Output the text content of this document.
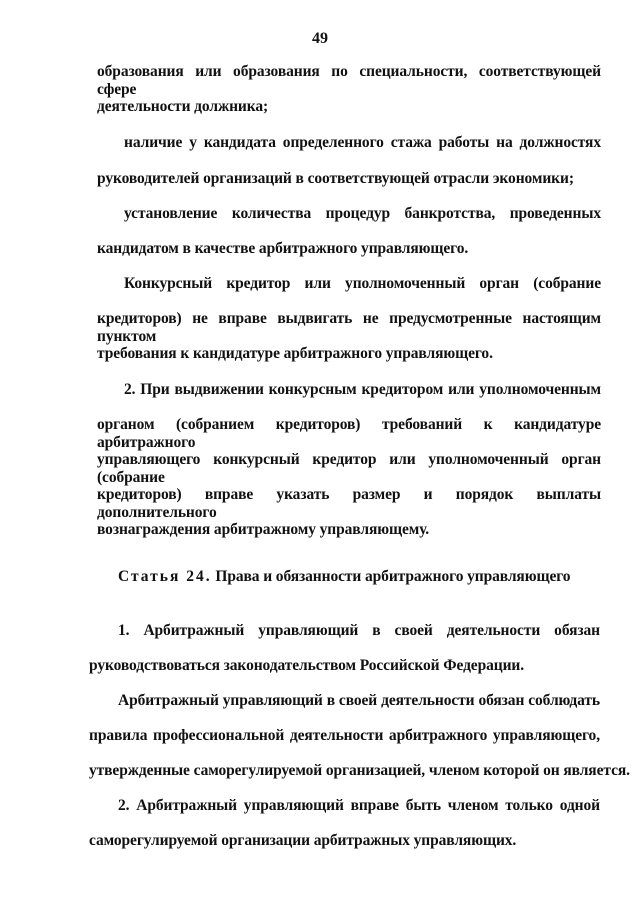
49
образования или образования по специальности, соответствующей сфере
деятельности должника;
наличие у кандидата определенного стажа работы на должностях
руководителей организаций в соответствующей отрасли экономики;
установление количества процедур банкротства, проведенных
кандидатом в качестве арбитражного управляющего.
Конкурсный кредитор или уполномоченный орган (собрание
кредиторов) не вправе выдвигать не предусмотренные настоящим пунктом
требования к кандидатуре арбитражного управляющего.
2. При выдвижении конкурсным кредитором или уполномоченным
органом (собранием кредиторов) требований к кандидатуре арбитражного
управляющего конкурсный кредитор или уполномоченный орган (собрание
кредиторов) вправе указать размер и порядок выплаты дополнительного
вознаграждения арбитражному управляющему.
Статья 24. Права и обязанности арбитражного управляющего
1. Арбитражный управляющий в своей деятельности обязан
руководствоваться законодательством Российской Федерации.
Арбитражный управляющий в своей деятельности обязан соблюдать
правила профессиональной деятельности арбитражного управляющего,
утвержденные саморегулируемой организацией, членом которой он является.
2. Арбитражный управляющий вправе быть членом только одной
саморегулируемой организации арбитражных управляющих.
